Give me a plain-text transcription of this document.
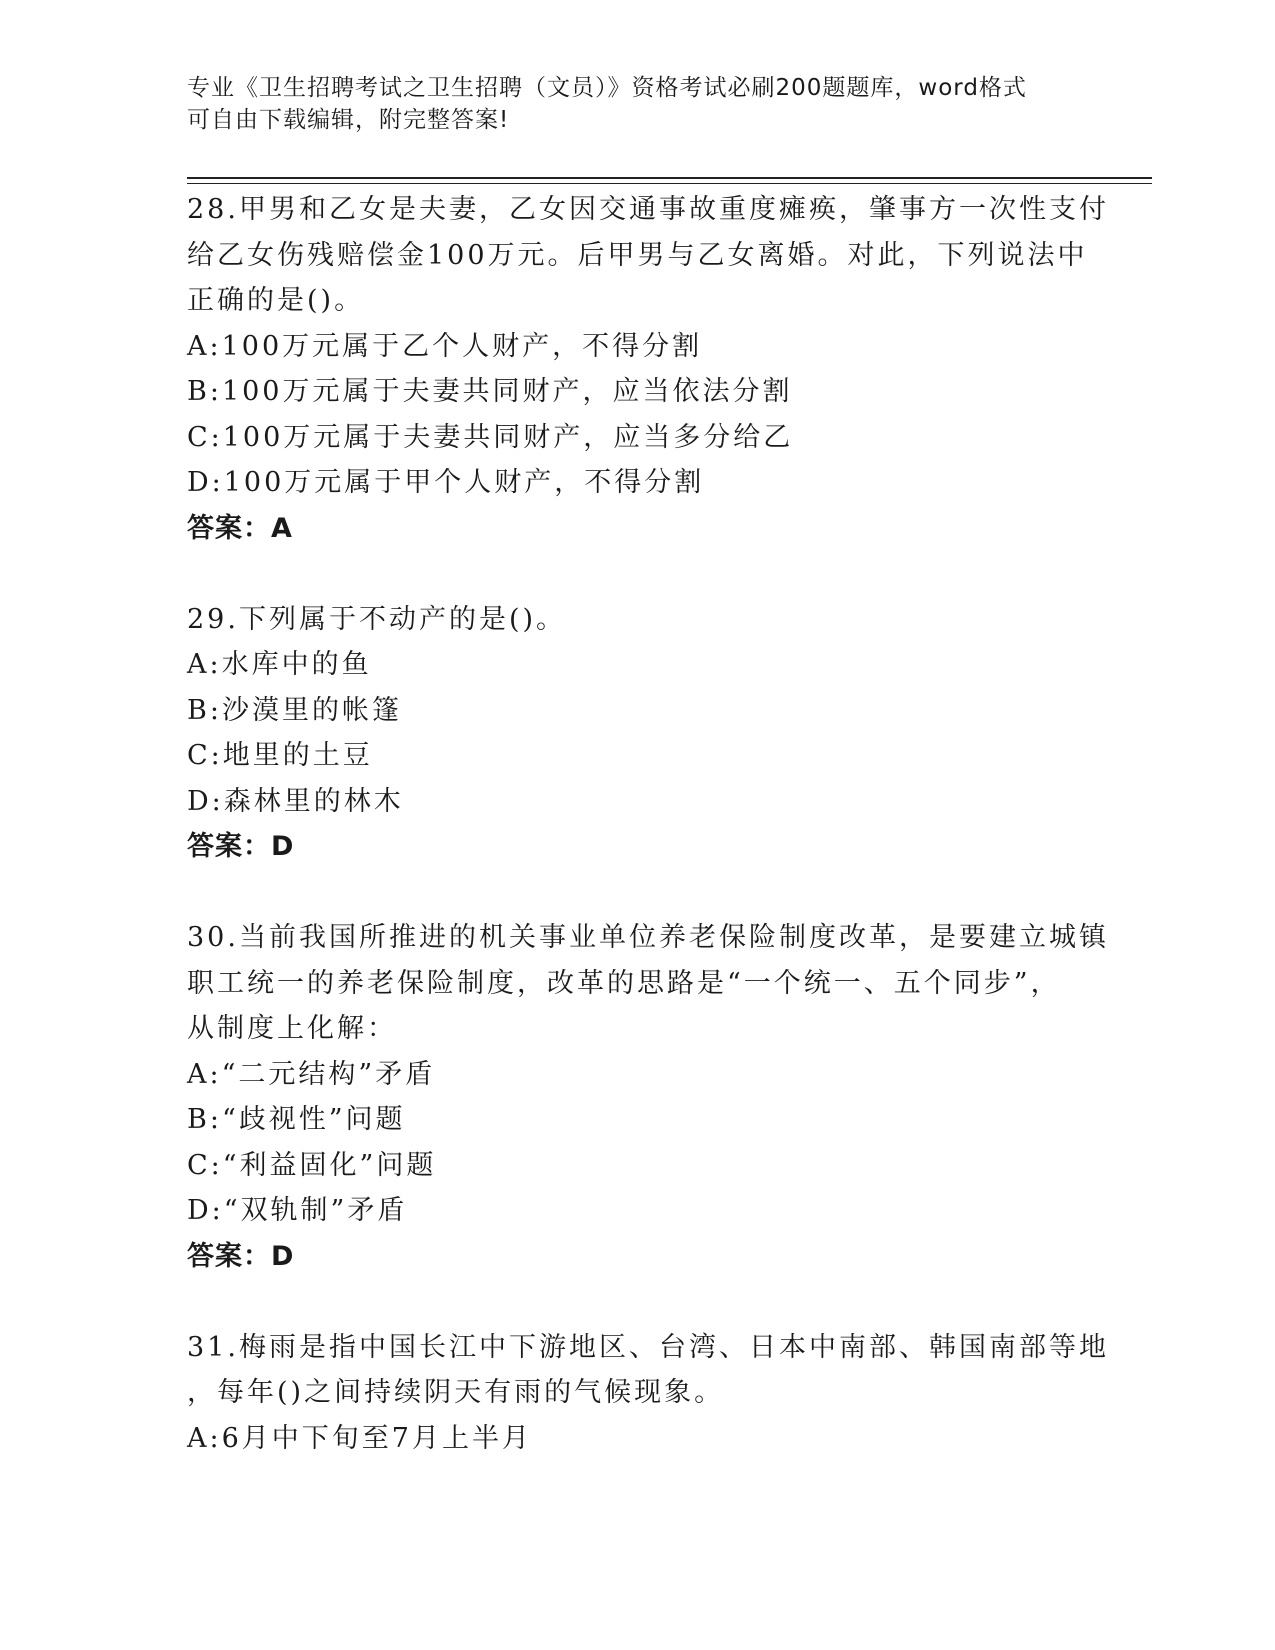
专业《卫生招聘考试之卫生招聘（文员）》资格考试必刷200题题库，word格式
可自由下载编辑，附完整答案!
28.甲男和乙女是夫妻，乙女因交通事故重度瘫痪，肇事方一次性支付
给乙女伤残赔偿金100万元。后甲男与乙女离婚。对此，下列说法中
正确的是()。
A:100万元属于乙个人财产，不得分割
B:100万元属于夫妻共同财产，应当依法分割
C:100万元属于夫妻共同财产，应当多分给乙
D:100万元属于甲个人财产，不得分割
答案：A
29.下列属于不动产的是()。
A:水库中的鱼
B:沙漠里的帐篷
C:地里的土豆
D:森林里的林木
答案：D
30.当前我国所推进的机关事业单位养老保险制度改革，是要建立城镇
职工统一的养老保险制度，改革的思路是“一个统一、五个同步”，
从制度上化解：
A:“二元结构”矛盾
B:“歧视性”问题
C:“利益固化”问题
D:“双轨制”矛盾
答案：D
31.梅雨是指中国长江中下游地区、台湾、日本中南部、韩国南部等地
，每年()之间持续阴天有雨的气候现象。
A:6月中下旬至7月上半月
